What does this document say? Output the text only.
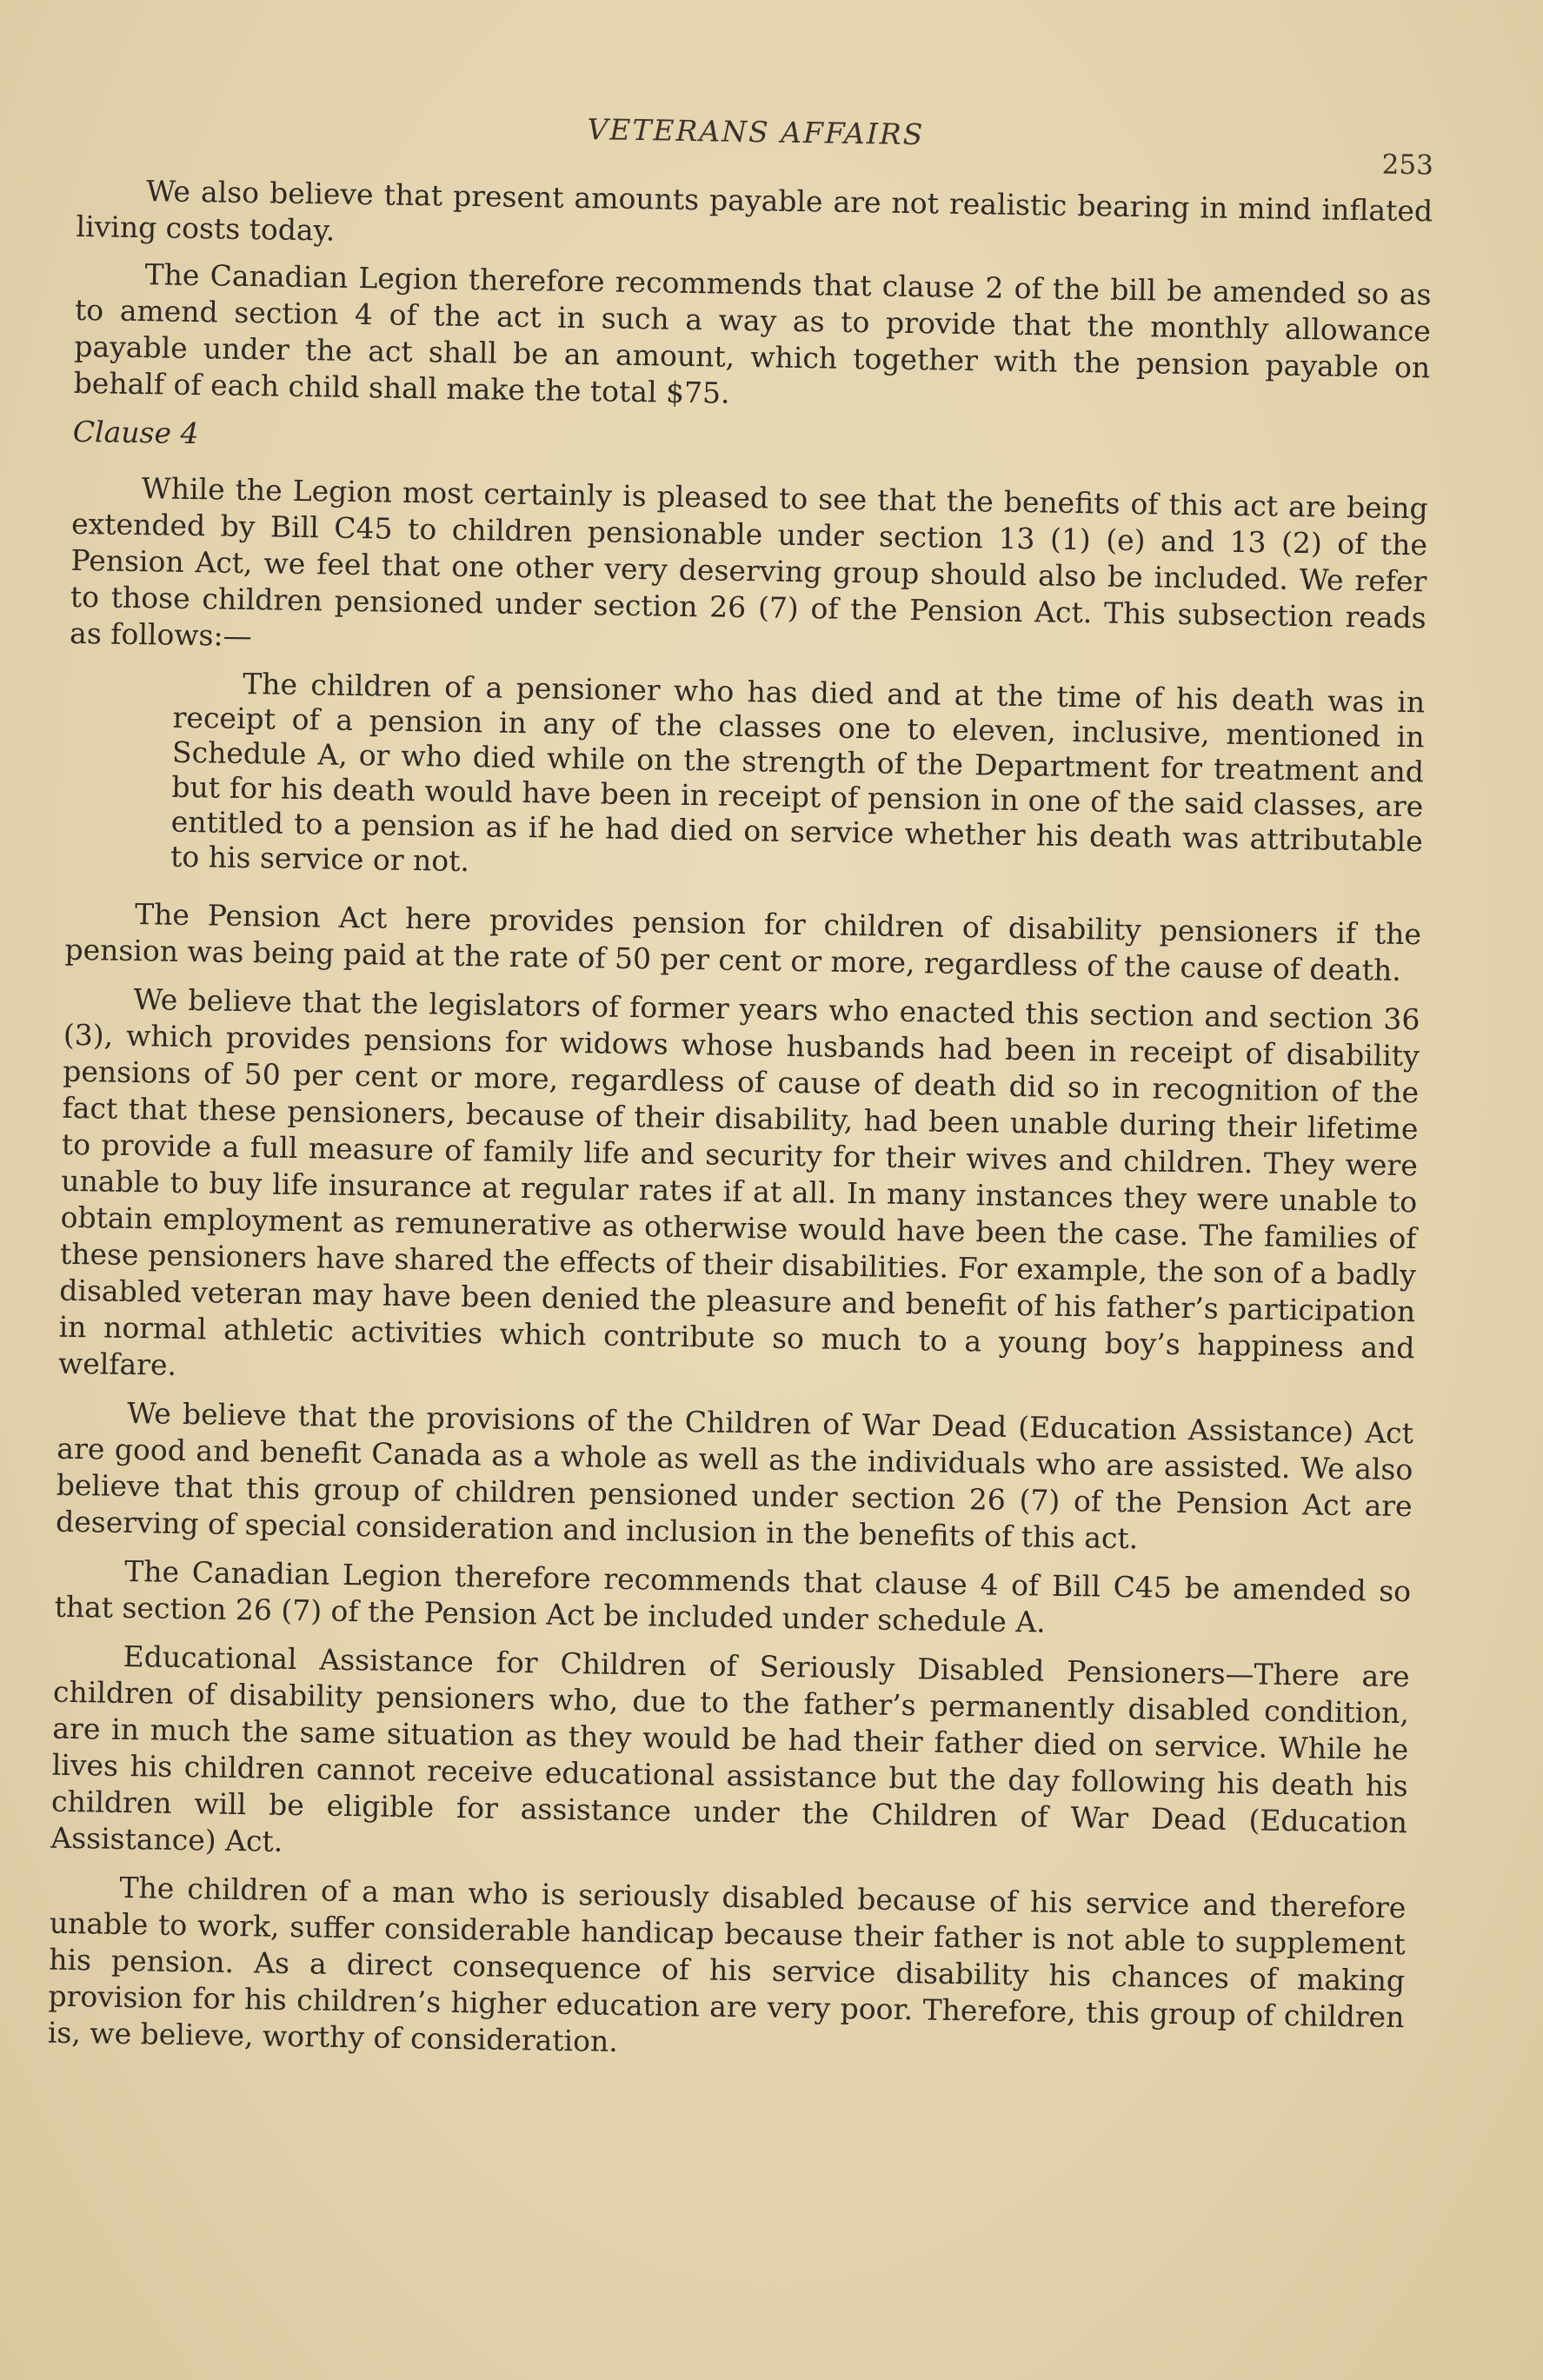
VETERANS AFFAIRS
253

We also believe that present amounts payable are not realistic bearing in mind inflated living costs today.

The Canadian Legion therefore recommends that clause 2 of the bill be amended so as to amend section 4 of the act in such a way as to provide that the monthly allowance payable under the act shall be an amount, which together with the pension payable on behalf of each child shall make the total $75.

Clause 4

While the Legion most certainly is pleased to see that the benefits of this act are being extended by Bill C45 to children pensionable under section 13 (1) (e) and 13 (2) of the Pension Act, we feel that one other very deserving group should also be included. We refer to those children pensioned under section 26 (7) of the Pension Act. This subsection reads as follows:—

The children of a pensioner who has died and at the time of his death was in receipt of a pension in any of the classes one to eleven, inclusive, mentioned in Schedule A, or who died while on the strength of the Department for treatment and but for his death would have been in receipt of pension in one of the said classes, are entitled to a pension as if he had died on service whether his death was attributable to his service or not.

The Pension Act here provides pension for children of disability pensioners if the pension was being paid at the rate of 50 per cent or more, regardless of the cause of death.

We believe that the legislators of former years who enacted this section and section 36 (3), which provides pensions for widows whose husbands had been in receipt of disability pensions of 50 per cent or more, regardless of cause of death did so in recognition of the fact that these pensioners, because of their disability, had been unable during their lifetime to provide a full measure of family life and security for their wives and children. They were unable to buy life insurance at regular rates if at all. In many instances they were unable to obtain employment as remunerative as otherwise would have been the case. The families of these pensioners have shared the effects of their disabilities. For example, the son of a badly disabled veteran may have been denied the pleasure and benefit of his father’s participation in normal athletic activities which contribute so much to a young boy’s happiness and welfare.

We believe that the provisions of the Children of War Dead (Education Assistance) Act are good and benefit Canada as a whole as well as the individuals who are assisted. We also believe that this group of children pensioned under section 26 (7) of the Pension Act are deserving of special consideration and inclusion in the benefits of this act.

The Canadian Legion therefore recommends that clause 4 of Bill C45 be amended so that section 26 (7) of the Pension Act be included under schedule A.

Educational Assistance for Children of Seriously Disabled Pensioners—There are children of disability pensioners who, due to the father’s permanently disabled condition, are in much the same situation as they would be had their father died on service. While he lives his children cannot receive educational assistance but the day following his death his children will be eligible for assistance under the Children of War Dead (Education Assistance) Act.

The children of a man who is seriously disabled because of his service and therefore unable to work, suffer considerable handicap because their father is not able to supplement his pension. As a direct consequence of his service disability his chances of making provision for his children’s higher education are very poor. Therefore, this group of children is, we believe, worthy of consideration.
